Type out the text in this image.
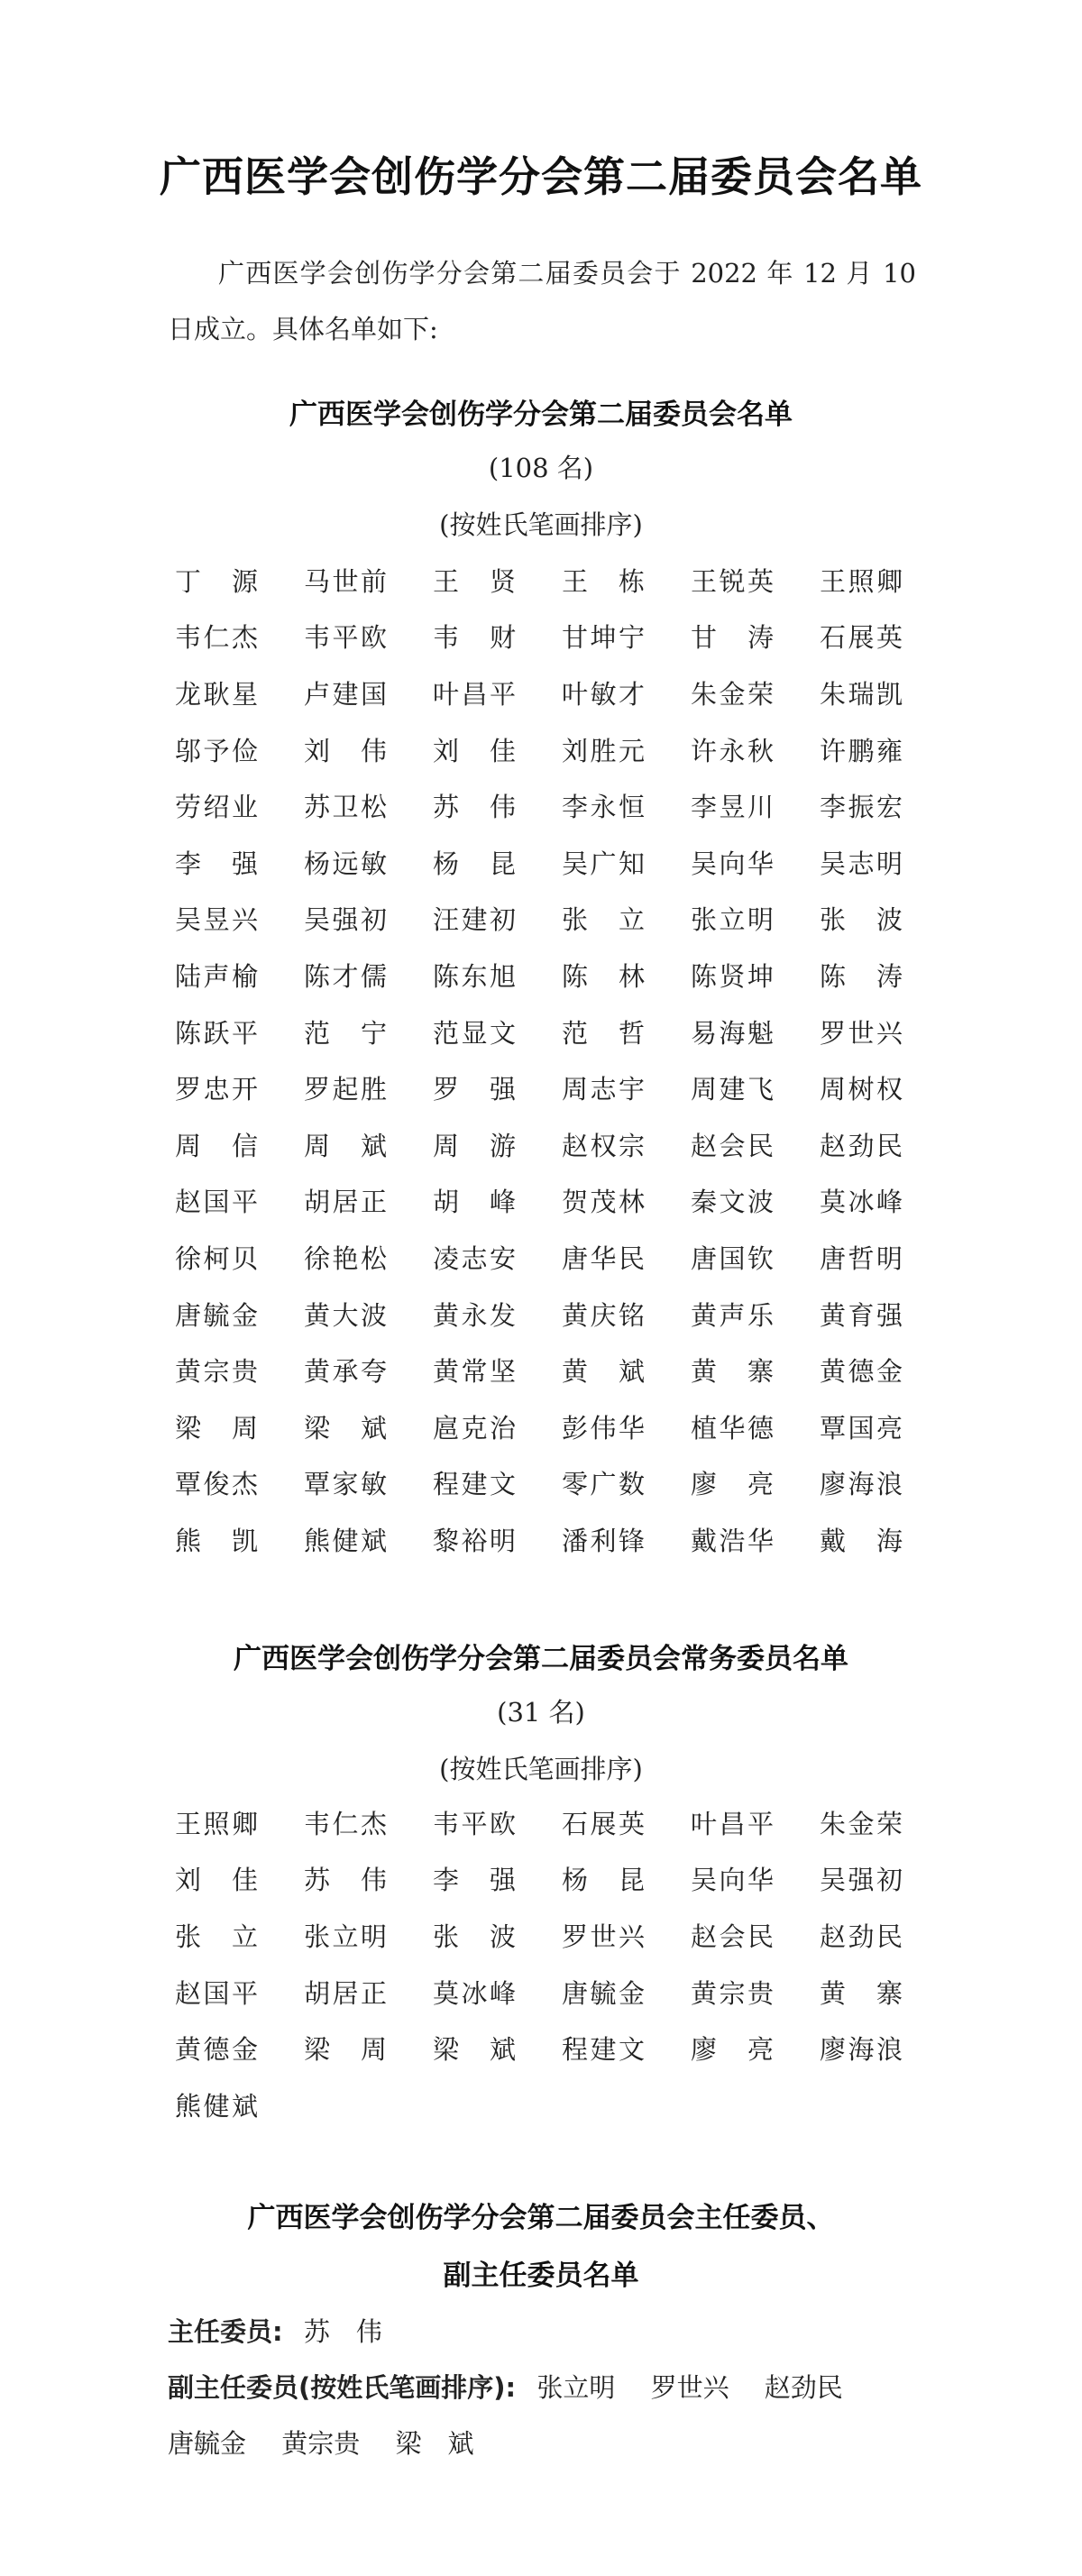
广西医学会创伤学分会第二届委员会名单
广西医学会创伤学分会第二届委员会于 2022 年 12 月 10
日成立。具体名单如下:
广西医学会创伤学分会第二届委员会名单
(108 名)
(按姓氏笔画排序)
丁 源 马 世 前 王 贤 王 栋 王 锐 英 王 照 卿
韦 仁 杰 韦 平 欧 韦 财 甘 坤 宁 甘 涛 石 展 英
龙 耿 星 卢 建 国 叶 昌 平 叶 敏 才 朱 金 荣 朱 瑞 凯
邬 予 俭 刘 伟 刘 佳 刘 胜 元 许 永 秋 许 鹏 雍
劳 绍 业 苏 卫 松 苏 伟 李 永 恒 李 昱 川 李 振 宏
李 强 杨 远 敏 杨 昆 吴 广 知 吴 向 华 吴 志 明
吴 昱 兴 吴 强 初 汪 建 初 张 立 张 立 明 张 波
陆 声 榆 陈 才 儒 陈 东 旭 陈 林 陈 贤 坤 陈 涛
陈 跃 平 范 宁 范 显 文 范 哲 易 海 魁 罗 世 兴
罗 忠 开 罗 起 胜 罗 强 周 志 宇 周 建 飞 周 树 权
周 信 周 斌 周 游 赵 权 宗 赵 会 民 赵 劲 民
赵 国 平 胡 居 正 胡 峰 贺 茂 林 秦 文 波 莫 冰 峰
徐 柯 贝 徐 艳 松 凌 志 安 唐 华 民 唐 国 钦 唐 哲 明
唐 毓 金 黄 大 波 黄 永 发 黄 庆 铭 黄 声 乐 黄 育 强
黄 宗 贵 黄 承 夸 黄 常 坚 黄 斌 黄 寨 黄 德 金
梁 周 梁 斌 扈 克 治 彭 伟 华 植 华 德 覃 国 亮
覃 俊 杰 覃 家 敏 程 建 文 零 广 数 廖 亮 廖 海 浪
熊 凯 熊 健 斌 黎 裕 明 潘 利 锋 戴 浩 华 戴 海
广西医学会创伤学分会第二届委员会常务委员名单
(31 名)
(按姓氏笔画排序)
王 照 卿 韦 仁 杰 韦 平 欧 石 展 英 叶 昌 平 朱 金 荣
刘 佳 苏 伟 李 强 杨 昆 吴 向 华 吴 强 初
张 立 张 立 明 张 波 罗 世 兴 赵 会 民 赵 劲 民
赵 国 平 胡 居 正 莫 冰 峰 唐 毓 金 黄 宗 贵 黄 寨
黄 德 金 梁 周 梁 斌 程 建 文 廖 亮 廖 海 浪
熊 健 斌
广西医学会创伤学分会第二届委员会主任委员、
副主任委员名单
主任委员: 苏　伟
副主任委员(按姓氏笔画排序): 张立明 罗世兴 赵劲民
唐毓金 黄宗贵 梁　斌
